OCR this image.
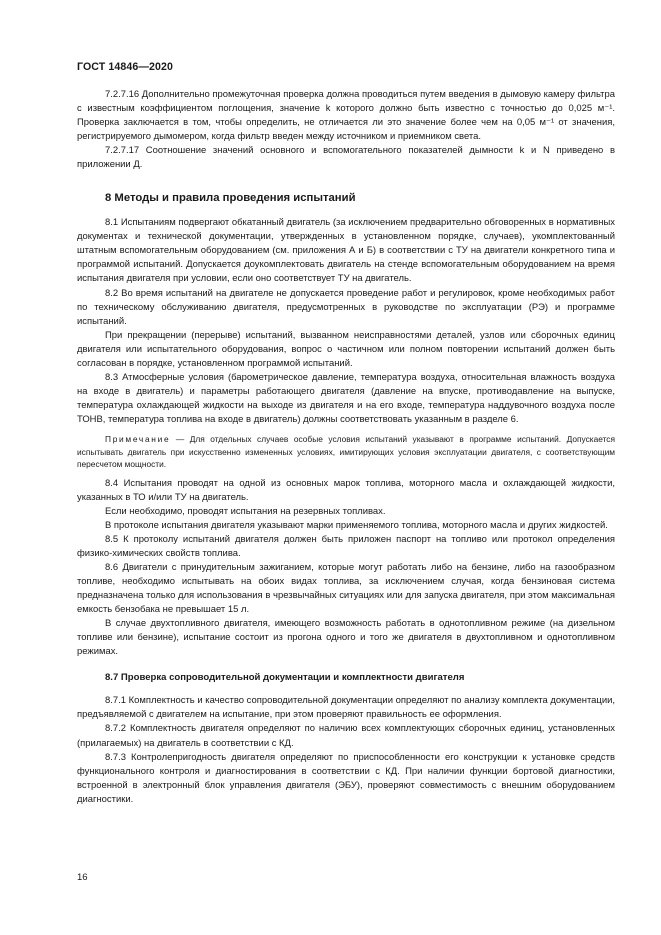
ГОСТ 14846—2020

7.2.7.16 Дополнительно промежуточная проверка должна проводиться путем введения в дымовую камеру фильтра с известным коэффициентом поглощения, значение k которого должно быть известно с точностью до 0,025 м⁻¹. Проверка заключается в том, чтобы определить, не отличается ли это значение более чем на 0,05 м⁻¹ от значения, регистрируемого дымомером, когда фильтр введен между источником и приемником света.

7.2.7.17 Соотношение значений основного и вспомогательного показателей дымности k и N приведено в приложении Д.

8 Методы и правила проведения испытаний

8.1 Испытаниям подвергают обкатанный двигатель (за исключением предварительно обговоренных в нормативных документах и технической документации, утвержденных в установленном порядке, случаев), укомплектованный штатным вспомогательным оборудованием (см. приложения А и Б) в соответствии с ТУ на двигатели конкретного типа и программой испытаний. Допускается доукомплектовать двигатель на стенде вспомогательным оборудованием на время испытания двигателя при условии, если оно соответствует ТУ на двигатель.

8.2 Во время испытаний на двигателе не допускается проведение работ и регулировок, кроме необходимых работ по техническому обслуживанию двигателя, предусмотренных в руководстве по эксплуатации (РЭ) и программе испытаний.

При прекращении (перерыве) испытаний, вызванном неисправностями деталей, узлов или сборочных единиц двигателя или испытательного оборудования, вопрос о частичном или полном повторении испытаний должен быть согласован в порядке, установленном программой испытаний.

8.3 Атмосферные условия (барометрическое давление, температура воздуха, относительная влажность воздуха на входе в двигатель) и параметры работающего двигателя (давление на впуске, противодавление на выпуске, температура охлаждающей жидкости на выходе из двигателя и на его входе, температура наддувочного воздуха после ТОНВ, температура топлива на входе в двигатель) должны соответствовать указанным в разделе 6.

Примечание — Для отдельных случаев особые условия испытаний указывают в программе испытаний. Допускается испытывать двигатель при искусственно измененных условиях, имитирующих условия эксплуатации двигателя, с соответствующим пересчетом мощности.

8.4 Испытания проводят на одной из основных марок топлива, моторного масла и охлаждающей жидкости, указанных в ТО и/или ТУ на двигатель.

Если необходимо, проводят испытания на резервных топливах.

В протоколе испытания двигателя указывают марки применяемого топлива, моторного масла и других жидкостей.

8.5 К протоколу испытаний двигателя должен быть приложен паспорт на топливо или протокол определения физико-химических свойств топлива.

8.6 Двигатели с принудительным зажиганием, которые могут работать либо на бензине, либо на газообразном топливе, необходимо испытывать на обоих видах топлива, за исключением случая, когда бензиновая система предназначена только для использования в чрезвычайных ситуациях или для запуска двигателя, при этом максимальная емкость бензобака не превышает 15 л.

В случае двухтопливного двигателя, имеющего возможность работать в однотопливном режиме (на дизельном топливе или бензине), испытание состоит из прогона одного и того же двигателя в двухтопливном и однотопливном режимах.

8.7 Проверка сопроводительной документации и комплектности двигателя

8.7.1 Комплектность и качество сопроводительной документации определяют по анализу комплекта документации, предъявляемой с двигателем на испытание, при этом проверяют правильность ее оформления.

8.7.2 Комплектность двигателя определяют по наличию всех комплектующих сборочных единиц, установленных (прилагаемых) на двигатель в соответствии с КД.

8.7.3 Контролепригодность двигателя определяют по приспособленности его конструкции к установке средств функционального контроля и диагностирования в соответствии с КД. При наличии функции бортовой диагностики, встроенной в электронный блок управления двигателя (ЭБУ), проверяют совместимость с внешним оборудованием диагностики.

16
